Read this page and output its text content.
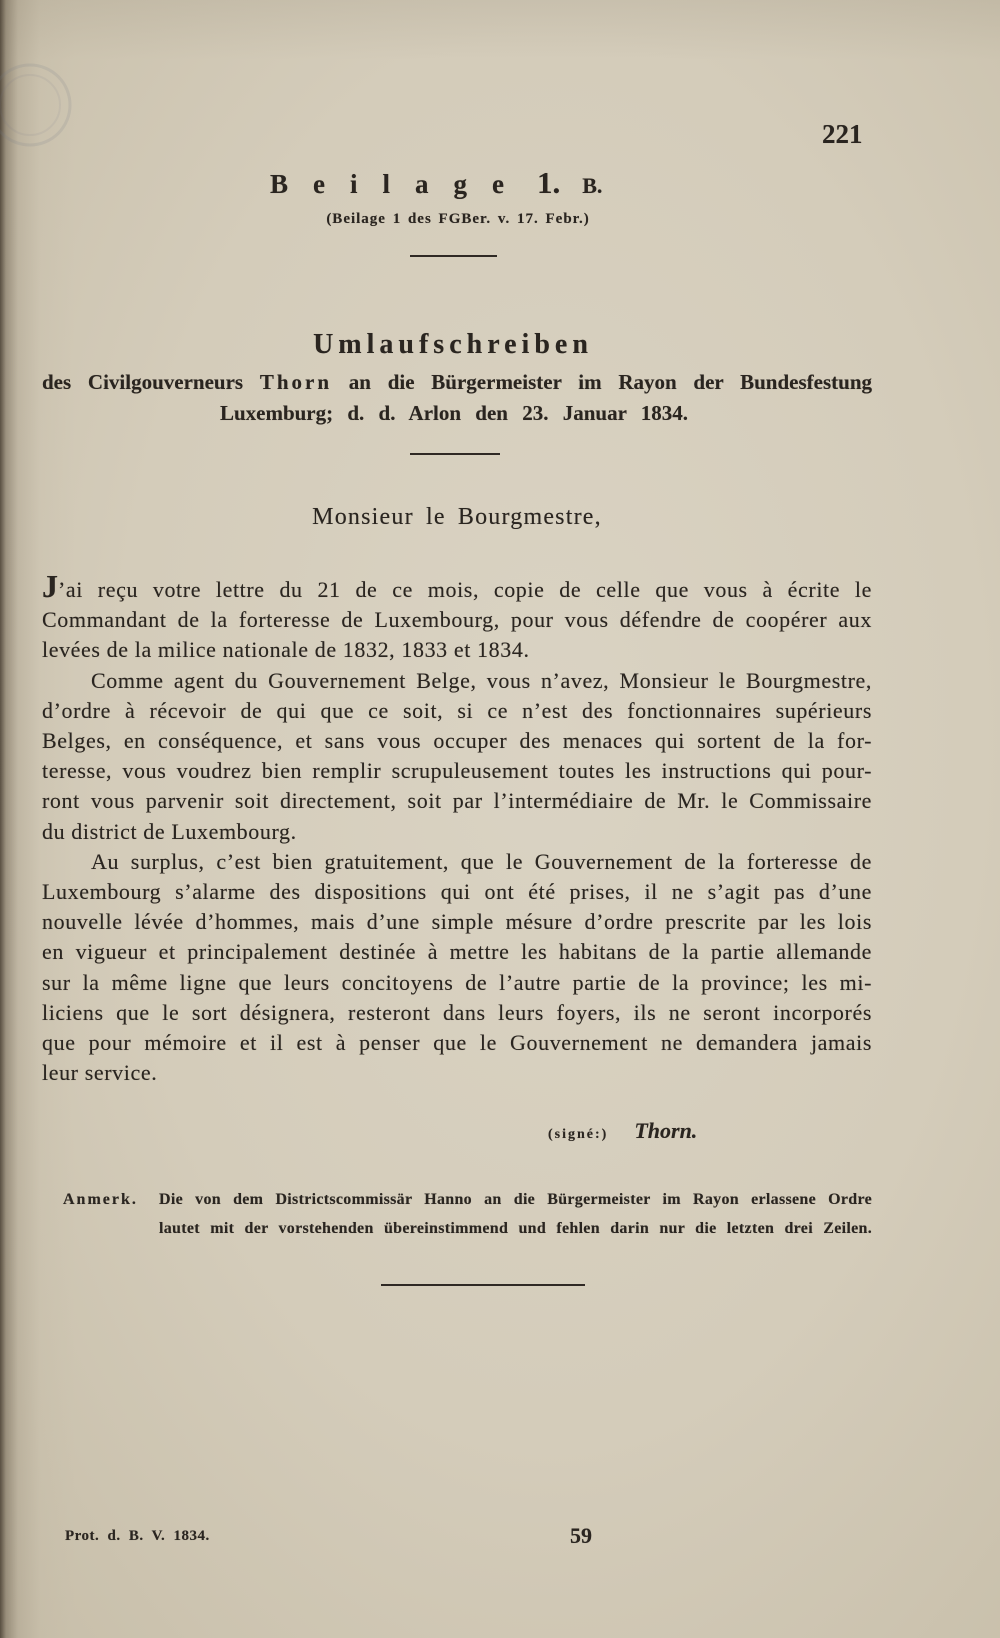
221
Beilage 1. B.
(Beilage 1 des FGBer. v. 17. Febr.)
Umlaufschreiben
des Civilgouverneurs Thorn an die Bürgermeister im Rayon der Bundesfestung
Luxemburg; d. d. Arlon den 23. Januar 1834.
Monsieur le Bourgmestre,
J’ai reçu votre lettre du 21 de ce mois, copie de celle que vous à écrite le
Commandant de la forteresse de Luxembourg, pour vous défendre de coopérer aux
levées de la milice nationale de 1832, 1833 et 1834.
Comme agent du Gouvernement Belge, vous n’avez, Monsieur le Bourgmestre,
d’ordre à récevoir de qui que ce soit, si ce n’est des fonctionnaires supérieurs
Belges, en conséquence, et sans vous occuper des menaces qui sortent de la for-
teresse, vous voudrez bien remplir scrupuleusement toutes les instructions qui pour-
ront vous parvenir soit directement, soit par l’intermédiaire de Mr. le Commissaire
du district de Luxembourg.
Au surplus, c’est bien gratuitement, que le Gouvernement de la forteresse de
Luxembourg s’alarme des dispositions qui ont été prises, il ne s’agit pas d’une
nouvelle lévée d’hommes, mais d’une simple mésure d’ordre prescrite par les lois
en vigueur et principalement destinée à mettre les habitans de la partie allemande
sur la même ligne que leurs concitoyens de l’autre partie de la province; les mi-
liciens que le sort désignera, resteront dans leurs foyers, ils ne seront incorporés
que pour mémoire et il est à penser que le Gouvernement ne demandera jamais
leur service.
(signé:) Thorn.
Anmerk. Die von dem Districtscommissär Hanno an die Bürgermeister im Rayon erlassene Ordre
lautet mit der vorstehenden übereinstimmend und fehlen darin nur die letzten drei Zeilen.
Prot. d. B. V. 1834.	59
